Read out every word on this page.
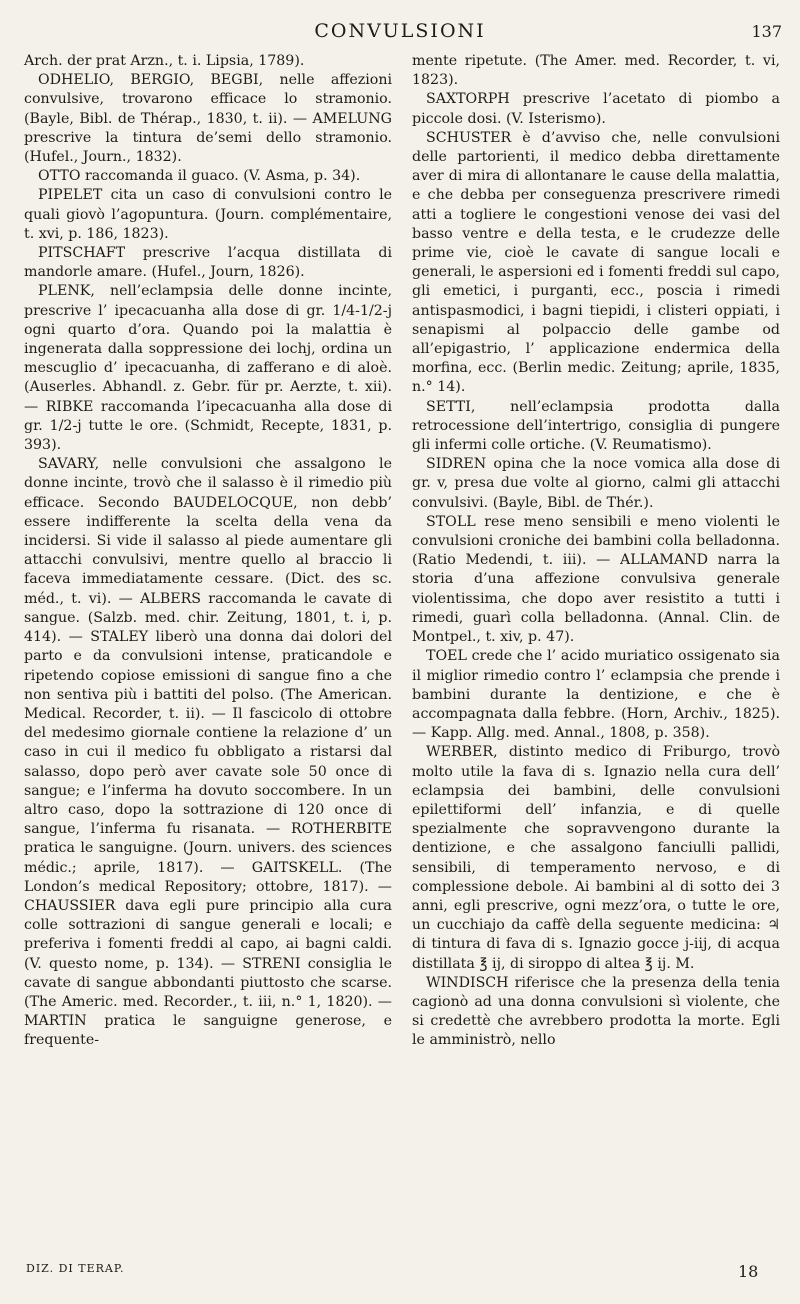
CONVULSIONI	137

Arch. der prat Arzn., t. i. Lipsia, 1789).

ODHELIO, BERGIO, BEGBI, nelle affezioni convulsive, trovarono efficace lo stramonio. (Bayle, Bibl. de Thérap., 1830, t. ii). — AMELUNG prescrive la tintura de’semi dello stramonio. (Hufel., Journ., 1832).

OTTO raccomanda il guaco. (V. Asma, p. 34).

PIPELET cita un caso di convulsioni contro le quali giovò l’agopuntura. (Journ. complémentaire, t. xvi, p. 186, 1823).

PITSCHAFT prescrive l’acqua distillata di mandorle amare. (Hufel., Journ, 1826).

PLENK, nell’eclampsia delle donne incinte, prescrive l’ ipecacuanha alla dose di gr. 1/4-1/2-j ogni quarto d’ora. Quando poi la malattia è ingenerata dalla soppressione dei lochj, ordina un mescuglio d’ ipecacuanha, di zafferano e di aloè. (Auserles. Abhandl. z. Gebr. für pr. Aerzte, t. xii). — RIBKE raccomanda l’ipecacuanha alla dose di gr. 1/2-j tutte le ore. (Schmidt, Recepte, 1831, p. 393).

SAVARY, nelle convulsioni che assalgono le donne incinte, trovò che il salasso è il rimedio più efficace. Secondo BAUDELOCQUE, non debb’ essere indifferente la scelta della vena da incidersi. Si vide il salasso al piede aumentare gli attacchi convulsivi, mentre quello al braccio li faceva immediatamente cessare. (Dict. des sc. méd., t. vi). — ALBERS raccomanda le cavate di sangue. (Salzb. med. chir. Zeitung, 1801, t. i, p. 414). — STALEY liberò una donna dai dolori del parto e da convulsioni intense, praticandole e ripetendo copiose emissioni di sangue fino a che non sentiva più i battiti del polso. (The American. Medical. Recorder, t. ii). — Il fascicolo di ottobre del medesimo giornale contiene la relazione d’ un caso in cui il medico fu obbligato a ristarsi dal salasso, dopo però aver cavate sole 50 once di sangue; e l’inferma ha dovuto soccombere. In un altro caso, dopo la sottrazione di 120 once di sangue, l’inferma fu risanata. — ROTHERBITE pratica le sanguigne. (Journ. univers. des sciences médic.; aprile, 1817). — GAITSKELL. (The London’s medical Repository; ottobre, 1817). — CHAUSSIER dava egli pure principio alla cura colle sottrazioni di sangue generali e locali; e preferiva i fomenti freddi al capo, ai bagni caldi. (V. questo nome, p. 134). — STRENI consiglia le cavate di sangue abbondanti piuttosto che scarse. (The Americ. med. Recorder., t. iii, n.° 1, 1820). — MARTIN pratica le sanguigne generose, e frequente-

mente ripetute. (The Amer. med. Recorder, t. vi, 1823).

SAXTORPH prescrive l’acetato di piombo a piccole dosi. (V. Isterismo).

SCHUSTER è d’avviso che, nelle convulsioni delle partorienti, il medico debba direttamente aver di mira di allontanare le cause della malattia, e che debba per conseguenza prescrivere rimedi atti a togliere le congestioni venose dei vasi del basso ventre e della testa, e le crudezze delle prime vie, cioè le cavate di sangue locali e generali, le aspersioni ed i fomenti freddi sul capo, gli emetici, i purganti, ecc., poscia i rimedi antispasmodici, i bagni tiepidi, i clisteri oppiati, i senapismi al polpaccio delle gambe od all’epigastrio, l’ applicazione endermica della morfina, ecc. (Berlin medic. Zeitung; aprile, 1835, n.° 14).

SETTI, nell’eclampsia prodotta dalla retrocessione dell’intertrigo, consiglia di pungere gli infermi colle ortiche. (V. Reumatismo).

SIDREN opina che la noce vomica alla dose di gr. v, presa due volte al giorno, calmi gli attacchi convulsivi. (Bayle, Bibl. de Thér.).

STOLL rese meno sensibili e meno violenti le convulsioni croniche dei bambini colla belladonna. (Ratio Medendi, t. iii). — ALLAMAND narra la storia d’una affezione convulsiva generale violentissima, che dopo aver resistito a tutti i rimedi, guarì colla belladonna. (Annal. Clin. de Montpel., t. xiv, p. 47).

TOEL crede che l’ acido muriatico ossigenato sia il miglior rimedio contro l’ eclampsia che prende i bambini durante la dentizione, e che è accompagnata dalla febbre. (Horn, Archiv., 1825). — Kapp. Allg. med. Annal., 1808, p. 358).

WERBER, distinto medico di Friburgo, trovò molto utile la fava di s. Ignazio nella cura dell’ eclampsia dei bambini, delle convulsioni epilettiformi dell’ infanzia, e di quelle spezialmente che sopravvengono durante la dentizione, e che assalgono fanciulli pallidi, sensibili, di temperamento nervoso, e di complessione debole. Ai bambini al di sotto dei 3 anni, egli prescrive, ogni mezz’ora, o tutte le ore, un cucchiajo da caffè della seguente medicina: ♃ di tintura di fava di s. Ignazio gocce j-iij, di acqua distillata ℥ ij, di siroppo di altea ℥ ij. M.

WINDISCH riferisce che la presenza della tenia cagionò ad una donna convulsioni sì violente, che si credettè che avrebbero prodotta la morte. Egli le amministrò, nello

DIZ. DI TERAP.	18
